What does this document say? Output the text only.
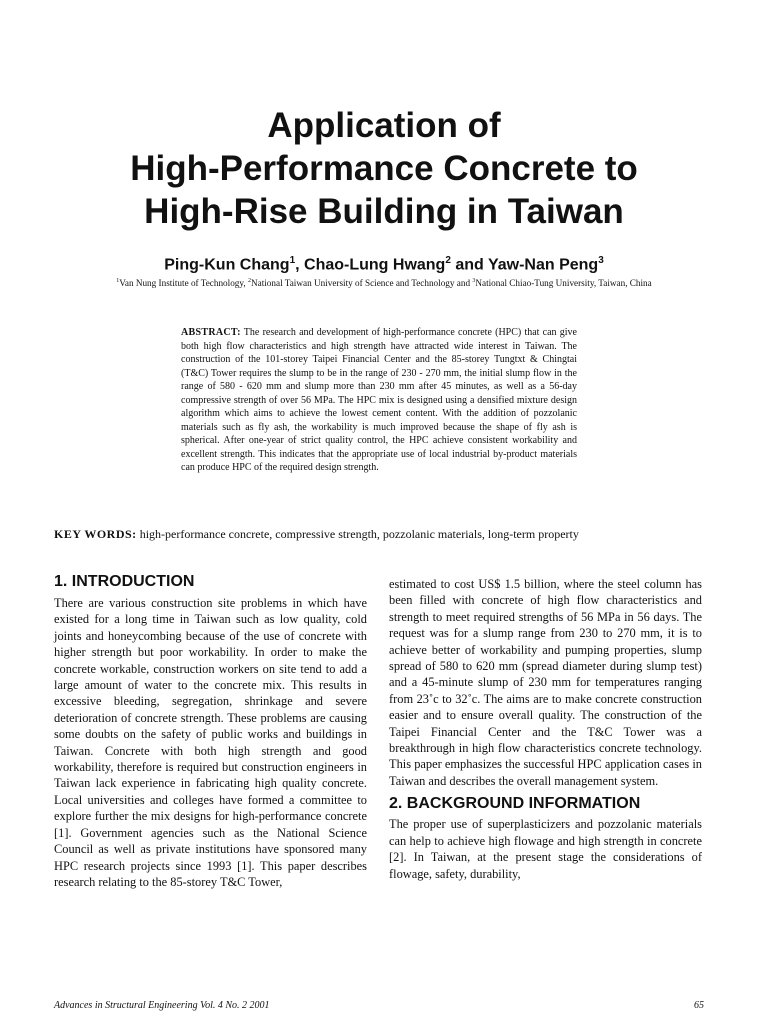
Application of
High-Performance Concrete to
High-Rise Building in Taiwan

Ping-Kun Chang$^1$, Chao-Lung Hwang$^2$ and Yaw-Nan Peng$^3$

$^1$Van Nung Institute of Technology, $^2$National Taiwan University of Science and Technology and $^3$National Chiao-Tung University, Taiwan, China

ABSTRACT: The research and development of high-performance concrete (HPC) that can give both high flow characteristics and high strength have attracted wide interest in Taiwan. The construction of the 101-storey Taipei Financial Center and the 85-storey Tungtxt & Chingtai (T&C) Tower requires the slump to be in the range of 230 - 270 mm, the initial slump flow in the range of 580 - 620 mm and slump more than 230 mm after 45 minutes, as well as a 56-day compressive strength of over 56 MPa. The HPC mix is designed using a densified mixture design algorithm which aims to achieve the lowest cement content. With the addition of pozzolanic materials such as fly ash, the workability is much improved because the shape of fly ash is spherical. After one-year of strict quality control, the HPC achieve consistent workability and excellent strength. This indicates that the appropriate use of local industrial by-product materials can produce HPC of the required design strength.

KEY WORDS: high-performance concrete, compressive strength, pozzolanic materials, long-term property

1. INTRODUCTION

There are various construction site problems in which have existed for a long time in Taiwan such as low quality, cold joints and honeycombing because of the use of concrete with higher strength but poor workability. In order to make the concrete workable, construction workers on site tend to add a large amount of water to the concrete mix. This results in excessive bleeding, segregation, shrinkage and severe deterioration of concrete strength. These problems are causing some doubts on the safety of public works and buildings in Taiwan. Concrete with both high strength and good workability, therefore is required but construction engineers in Taiwan lack experience in fabricating high quality concrete. Local universities and colleges have formed a committee to explore further the mix designs for high-performance concrete [1]. Government agencies such as the National Science Council as well as private institutions have sponsored many HPC research projects since 1993 [1]. This paper describes research relating to the 85-storey T&C Tower,

estimated to cost US$ 1.5 billion, where the steel column has been filled with concrete of high flow characteristics and strength to meet required strengths of 56 MPa in 56 days. The request was for a slump range from 230 to 270 mm, it is to achieve better of workability and pumping properties, slump spread of 580 to 620 mm (spread diameter during slump test) and a 45-minute slump of 230 mm for temperatures ranging from 23˚c to 32˚c. The aims are to make concrete construction easier and to ensure overall quality. The construction of the Taipei Financial Center and the T&C Tower was a breakthrough in high flow characteristics concrete technology. This paper emphasizes the successful HPC application cases in Taiwan and describes the overall management system.

2. BACKGROUND INFORMATION

The proper use of superplasticizers and pozzolanic materials can help to achieve high flowage and high strength in concrete [2]. In Taiwan, at the present stage the considerations of flowage, safety, durability,

Advances in Structural Engineering Vol. 4 No. 2 2001	65
